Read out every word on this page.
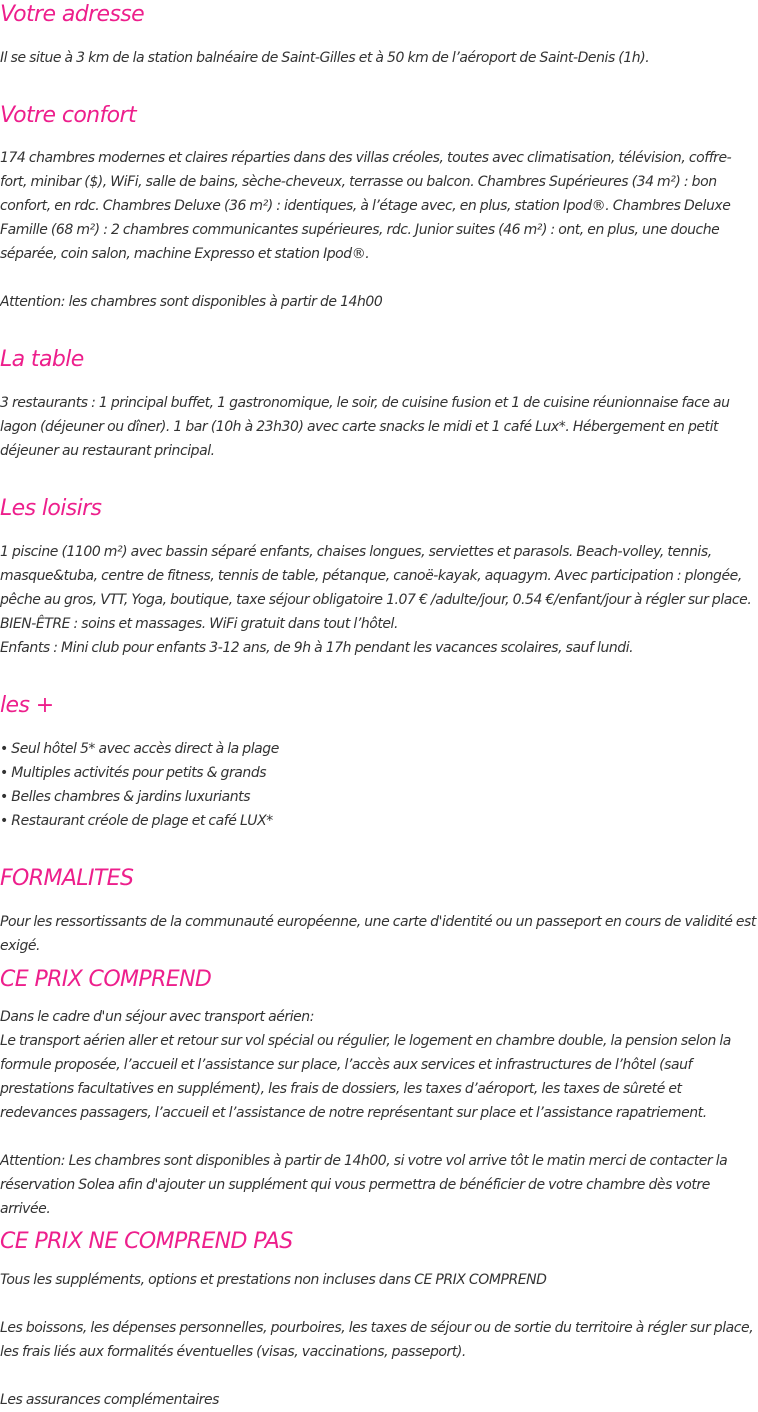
Votre adresse

Il se situe à 3 km de la station balnéaire de Saint-Gilles et à 50 km de l’aéroport de Saint-Denis (1h).

Votre confort

174 chambres modernes et claires réparties dans des villas créoles, toutes avec climatisation, télévision, coffre-fort, minibar ($), WiFi, salle de bains, sèche-cheveux, terrasse ou balcon. Chambres Supérieures (34 m²) : bon confort, en rdc. Chambres Deluxe (36 m²) : identiques, à l’étage avec, en plus, station Ipod®. Chambres Deluxe Famille (68 m²) : 2 chambres communicantes supérieures, rdc. Junior suites (46 m²) : ont, en plus, une douche séparée, coin salon, machine Expresso et station Ipod®.

Attention: les chambres sont disponibles à partir de 14h00

La table

3 restaurants : 1 principal buffet, 1 gastronomique, le soir, de cuisine fusion et 1 de cuisine réunionnaise face au lagon (déjeuner ou dîner). 1 bar (10h à 23h30) avec carte snacks le midi et 1 café Lux*. Hébergement en petit déjeuner au restaurant principal.

Les loisirs

1 piscine (1100 m²) avec bassin séparé enfants, chaises longues, serviettes et parasols. Beach-volley, tennis, masque&tuba, centre de fitness, tennis de table, pétanque, canoë-kayak, aquagym. Avec participation : plongée, pêche au gros, VTT, Yoga, boutique, taxe séjour obligatoire 1.07 € /adulte/jour, 0.54 €/enfant/jour à régler sur place. BIEN-ÊTRE : soins et massages. WiFi gratuit dans tout l’hôtel.

Enfants : Mini club pour enfants 3-12 ans, de 9h à 17h pendant les vacances scolaires, sauf lundi.

les +

• Seul hôtel 5* avec accès direct à la plage

• Multiples activités pour petits & grands

• Belles chambres & jardins luxuriants

• Restaurant créole de plage et café LUX*

FORMALITES

Pour les ressortissants de la communauté européenne, une carte d'identité ou un passeport en cours de validité est exigé.

CE PRIX COMPREND

Dans le cadre d'un séjour avec transport aérien:

Le transport aérien aller et retour sur vol spécial ou régulier, le logement en chambre double, la pension selon la formule proposée, l’accueil et l’assistance sur place, l’accès aux services et infrastructures de l’hôtel (sauf prestations facultatives en supplément), les frais de dossiers, les taxes d’aéroport, les taxes de sûreté et redevances passagers, l’accueil et l’assistance de notre représentant sur place et l’assistance rapatriement.

Attention: Les chambres sont disponibles à partir de 14h00, si votre vol arrive tôt le matin merci de contacter la réservation Solea afin d'ajouter un supplément qui vous permettra de bénéficier de votre chambre dès votre arrivée.

CE PRIX NE COMPREND PAS

Tous les suppléments, options et prestations non incluses dans CE PRIX COMPREND

Les boissons, les dépenses personnelles, pourboires, les taxes de séjour ou de sortie du territoire à régler sur place, les frais liés aux formalités éventuelles (visas, vaccinations, passeport).

Les assurances complémentaires
